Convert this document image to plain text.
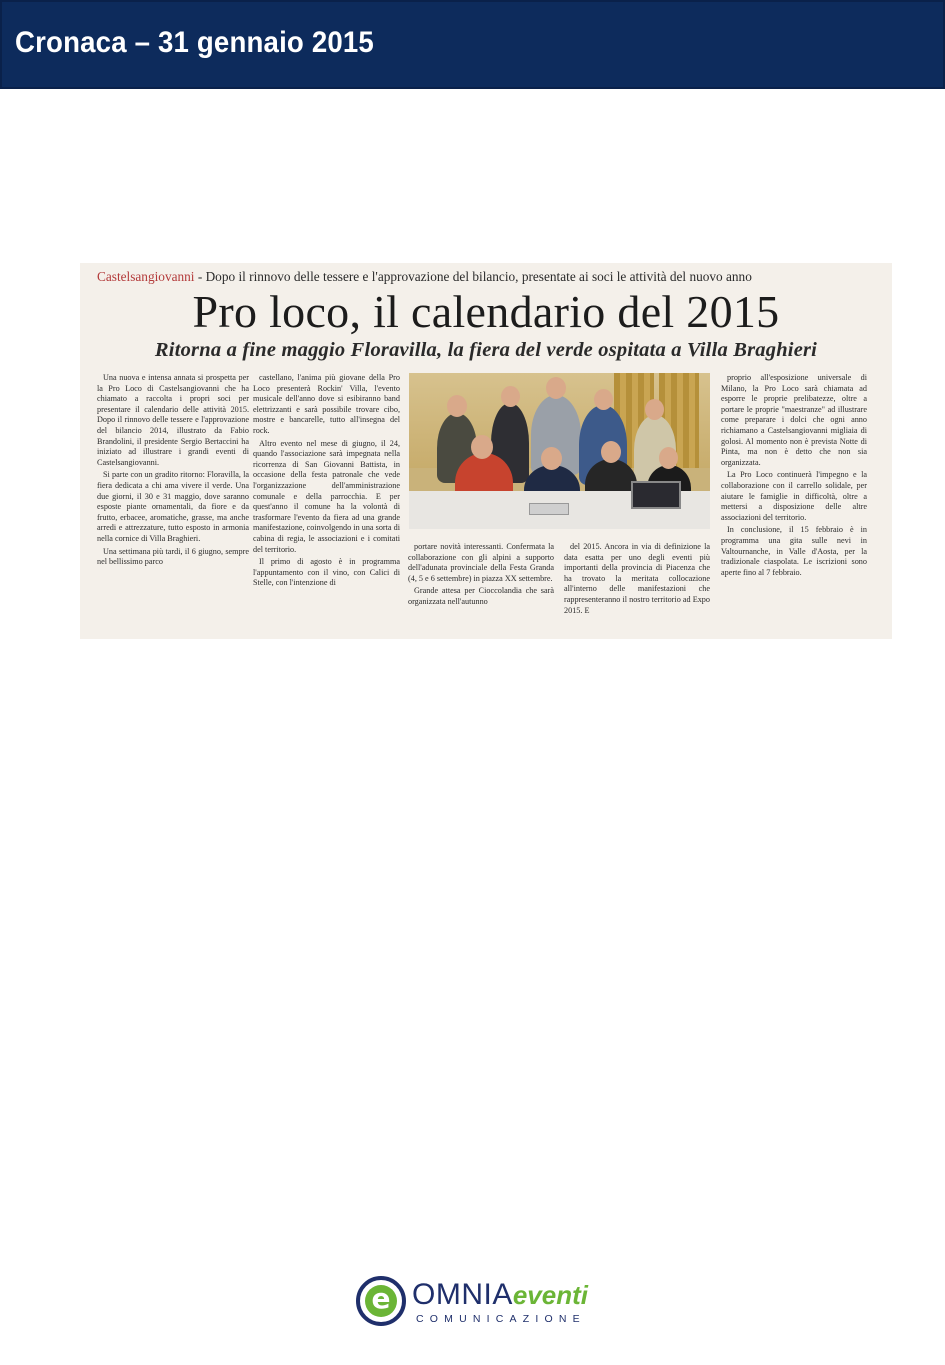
Cronaca – 31 gennaio 2015
Castelsangiovanni - Dopo il rinnovo delle tessere e l'approvazione del bilancio, presentate ai soci le attività del nuovo anno
Pro loco, il calendario del 2015
Ritorna a fine maggio Floravilla, la fiera del verde ospitata a Villa Braghieri

Una nuova e intensa annata si prospetta per la Pro Loco di Castelsangiovanni che ha chiamato a raccolta i propri soci per presentare il calendario delle attività 2015. Dopo il rinnovo delle tessere e l'approvazione del bilancio 2014, illustrato da Fabio Brandolini, il presidente Sergio Bertaccini ha iniziato ad illustrare i grandi eventi di Castelsangiovanni.

Si parte con un gradito ritorno: Floravilla, la fiera dedicata a chi ama vivere il verde. Una due giorni, il 30 e 31 maggio, dove saranno esposte piante ornamentali, da fiore e da frutto, erbacee, aromatiche, grasse, ma anche arredi e attrezzature, tutto esposto in armonia nella cornice di Villa Braghieri.

Una settimana più tardi, il 6 giugno, sempre nel bellissimo parco

castellano, l'anima più giovane della Pro Loco presenterà Rockin' Villa, l'evento musicale dell'anno dove si esibiranno band elettrizzanti e sarà possibile trovare cibo, mostre e bancarelle, tutto all'insegna del rock.

Altro evento nel mese di giugno, il 24, quando l'associazione sarà impegnata nella ricorrenza di San Giovanni Battista, in occasione della festa patronale che vede l'organizzazione dell'amministrazione comunale e della parrocchia. E per quest'anno il comune ha la volontà di trasformare l'evento da fiera ad una grande manifestazione, coinvolgendo in una sorta di cabina di regia, le associazioni e i comitati del territorio.

Il primo di agosto è in programma l'appuntamento con il vino, con Calici di Stelle, con l'intenzione di

portare novità interessanti. Confermata la collaborazione con gli alpini a supporto dell'adunata provinciale della Festa Granda (4, 5 e 6 settembre) in piazza XX settembre.

Grande attesa per Cioccolandia che sarà organizzata nell'autunno

del 2015. Ancora in via di definizione la data esatta per uno degli eventi più importanti della provincia di Piacenza che ha trovato la meritata collocazione all'interno delle manifestazioni che rappresenteranno il nostro territorio ad Expo 2015. E

proprio all'esposizione universale di Milano, la Pro Loco sarà chiamata ad esporre le proprie prelibatezze, oltre a portare le proprie "maestranze" ad illustrare come preparare i dolci che ogni anno richiamano a Castelsangiovanni migliaia di golosi. Al momento non è prevista Notte di Pinta, ma non è detto che non sia organizzata.

La Pro Loco continuerà l'impegno e la collaborazione con il carrello solidale, per aiutare le famiglie in difficoltà, oltre a mettersi a disposizione delle altre associazioni del territorio.

In conclusione, il 15 febbraio è in programma una gita sulle nevi in Valtournanche, in Valle d'Aosta, per la tradizionale ciaspolata. Le iscrizioni sono aperte fino al 7 febbraio.

e OMNIAeventi
COMUNICAZIONE
